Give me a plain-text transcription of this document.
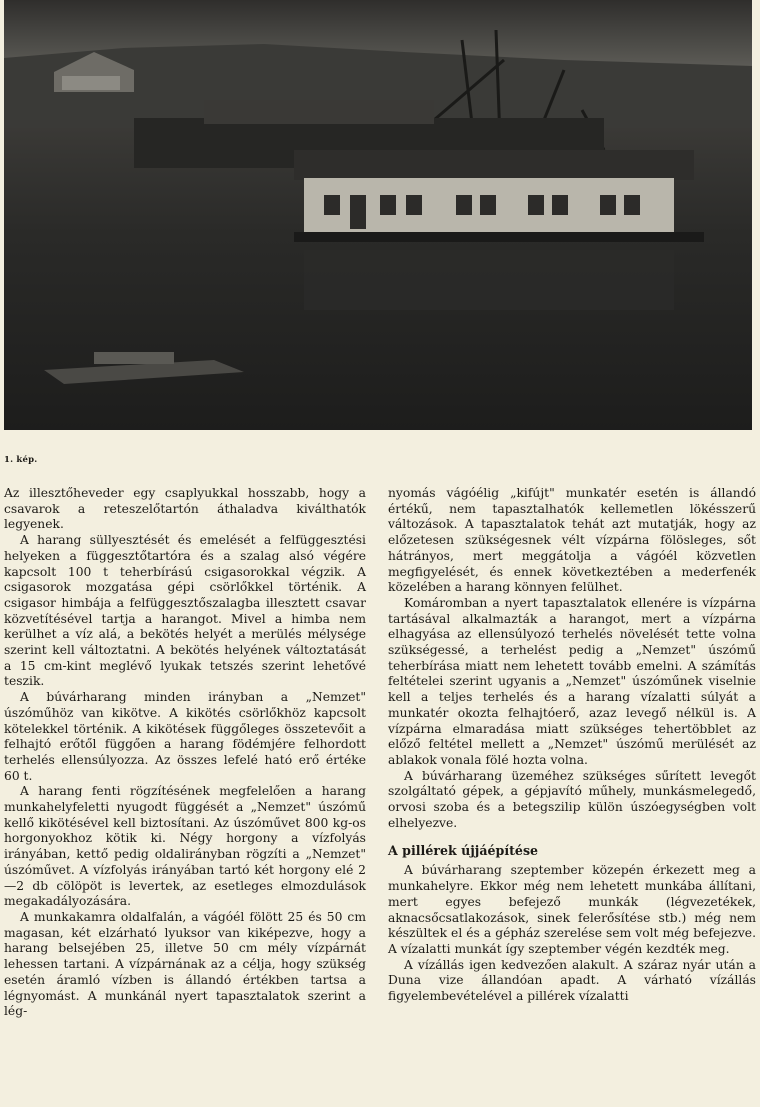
1. kép.

Az illesztőheveder egy csaplyukkal hosszabb, hogy a csavarok a reteszelőtartón áthaladva kiválthatók legyenek.

A harang süllyesztését és emelését a felfüggesztési helyeken a függesztőtartóra és a szalag alsó végére kapcsolt 100 t teherbírású csigasorokkal végzik. A csigasorok mozgatása gépi csörlőkkel történik. A csigasor himbája a felfüggesztőszalagba illesztett csavar közvetítésével tartja a harangot. Mivel a himba nem kerülhet a víz alá, a bekötés helyét a merülés mélysége szerint kell változtatni. A bekötés helyének változtatását a 15 cm-kint meglévő lyukak tetszés szerint lehetővé teszik.

A búvárharang minden irányban a „Nemzet" úszóműhöz van kikötve. A kikötés csörlőkhöz kapcsolt kötelekkel történik. A kikötések függőleges összetevőit a felhajtó erőtől függően a harang födémjére felhordott terhelés ellensúlyozza. Az összes lefelé ható erő értéke 60 t.

A harang fenti rögzítésének megfelelően a harang munkahelyfeletti nyugodt függését a „Nemzet" úszómű kellő kikötésével kell biztosítani. Az úszóművet 800 kg-os horgonyokhoz kötik ki. Négy horgony a vízfolyás irányában, kettő pedig oldalirányban rögzíti a „Nemzet" úszóművet. A vízfolyás irányában tartó két horgony elé 2—2 db cölöpöt is levertek, az esetleges elmozdulások megakadályozására.

A munkakamra oldalfalán, a vágóél fölött 25 és 50 cm magasan, két elzárható lyuksor van kiképezve, hogy a harang belsejében 25, illetve 50 cm mély vízpárnát lehessen tartani. A vízpárnának az a célja, hogy szükség esetén áramló vízben is állandó értékben tartsa a légnyomást. A munkánál nyert tapasztalatok szerint a lég-

nyomás vágóélig „kifújt" munkatér esetén is állandó értékű, nem tapasztalhatók kellemetlen lökésszerű változások. A tapasztalatok tehát azt mutatják, hogy az előzetesen szükségesnek vélt vízpárna fölösleges, sőt hátrányos, mert meggátolja a vágóél közvetlen megfigyelését, és ennek következtében a mederfenék közelében a harang könnyen felülhet.

Komáromban a nyert tapasztalatok ellenére is vízpárna tartásával alkalmazták a harangot, mert a vízpárna elhagyása az ellensúlyozó terhelés növelését tette volna szükségessé, a terhelést pedig a „Nemzet" úszómű teherbírása miatt nem lehetett tovább emelni. A számítás feltételei szerint ugyanis a „Nemzet" úszóműnek viselnie kell a teljes terhelés és a harang vízalatti súlyát a munkatér okozta felhajtóerő, azaz levegő nélkül is. A vízpárna elmaradása miatt szükséges tehertöbblet az előző feltétel mellett a „Nemzet" úszómű merülését az ablakok vonala fölé hozta volna.

A búvárharang üzeméhez szükséges sűrített levegőt szolgáltató gépek, a gépjavító műhely, munkásmelegedő, orvosi szoba és a betegszilip külön úszóegységben volt elhelyezve.

A pillérek újjáépítése

A búvárharang szeptember közepén érkezett meg a munkahelyre. Ekkor még nem lehetett munkába állítani, mert egyes befejező munkák (légvezetékek, aknacsőcsatlakozások, sinek felerősítése stb.) még nem készültek el és a gépház szerelése sem volt még befejezve. A vízalatti munkát így szeptember végén kezdték meg.

A vízállás igen kedvezően alakult. A száraz nyár után a Duna vize állandóan apadt. A várható vízállás figyelembevételével a pillérek vízalatti
